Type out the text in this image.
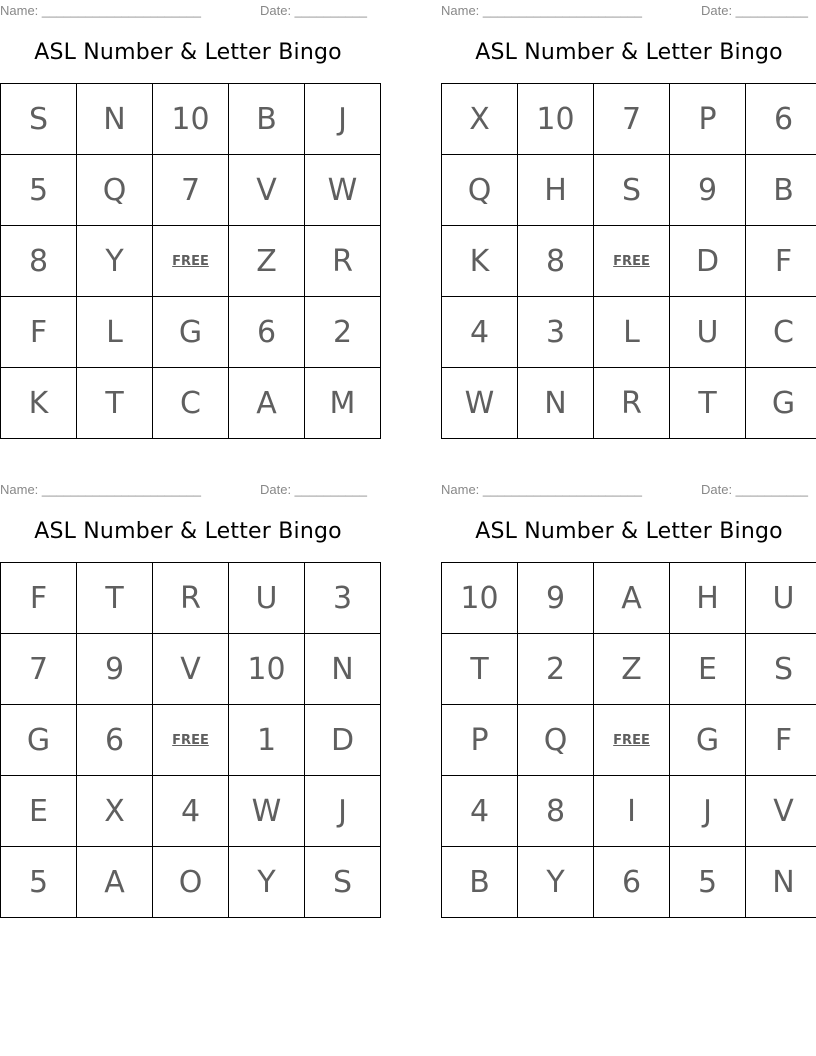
Name: ______________________	Date: __________
ASL Number & Letter Bingo
S	N	10	B	J
5	Q	7	V	W
8	Y	FREE	Z	R
F	L	G	6	2
K	T	C	A	M
Name: ______________________	Date: __________
ASL Number & Letter Bingo
X	10	7	P	6
Q	H	S	9	B
K	8	FREE	D	F
4	3	L	U	C
W	N	R	T	G
Name: ______________________	Date: __________
ASL Number & Letter Bingo
F	T	R	U	3
7	9	V	10	N
G	6	FREE	1	D
E	X	4	W	J
5	A	O	Y	S
Name: ______________________	Date: __________
ASL Number & Letter Bingo
10	9	A	H	U
T	2	Z	E	S
P	Q	FREE	G	F
4	8	I	J	V
B	Y	6	5	N
